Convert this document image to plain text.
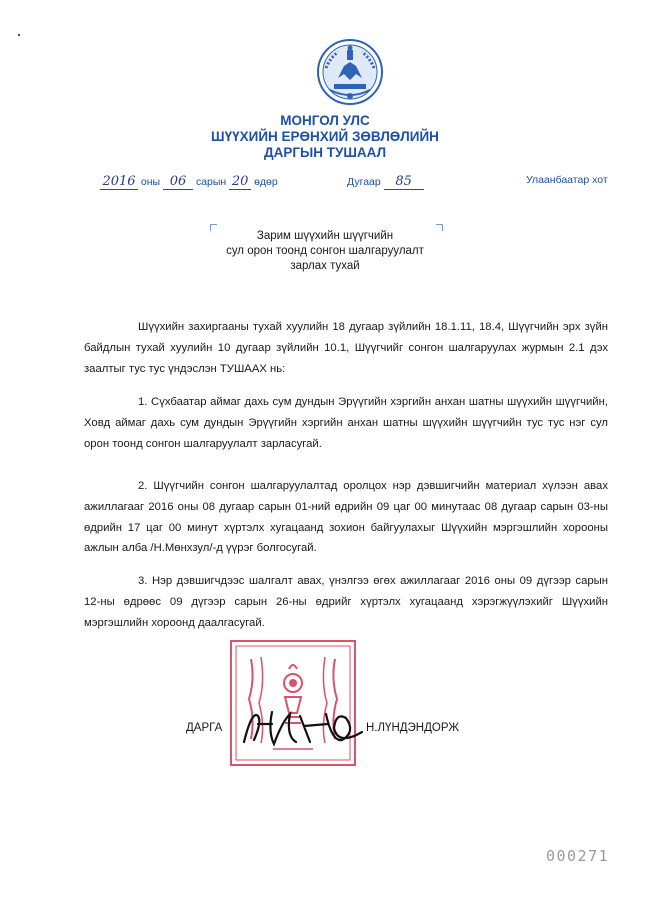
МОНГОЛ УЛС
ШҮҮХИЙН ЕРӨНХИЙ ЗӨВЛӨЛИЙН
ДАРГЫН ТУШААЛ
2016 оны 06 сарын 20 өдөр	Дугаар 85	Улаанбаатар хот
Зарим шүүхийн шүүгчийн
сул орон тоонд сонгон шалгаруулалт
зарлах тухай
Шүүхийн захиргааны тухай хуулийн 18 дугаар зүйлийн 18.1.11, 18.4, Шүүгчийн эрх зүйн байдлын тухай хуулийн 10 дугаар зүйлийн 10.1, Шүүгчийг сонгон шалгаруулах журмын 2.1 дэх заалтыг тус тус үндэслэн ТУШААХ нь:
1. Сүхбаатар аймаг дахь сум дундын Эрүүгийн хэргийн анхан шатны шүүхийн шүүгчийн, Ховд аймаг дахь сум дундын Эрүүгийн хэргийн анхан шатны шүүхийн шүүгчийн тус тус нэг сул орон тоонд сонгон шалгаруулалт зарласугай.
2. Шүүгчийн сонгон шалгаруулалтад оролцох нэр дэвшигчийн материал хүлээн авах ажиллагааг 2016 оны 08 дугаар сарын 01-ний өдрийн 09 цаг 00 минутаас 08 дугаар сарын 03-ны өдрийн 17 цаг 00 минут хүртэлх хугацаанд зохион байгуулахыг Шүүхийн мэргэшлийн хорооны ажлын алба /Н.Мөнхзул/-д үүрэг болгосугай.
3. Нэр дэвшигчдээс шалгалт авах, үнэлгээ өгөх ажиллагааг 2016 оны 09 дүгээр сарын 12-ны өдрөөс 09 дүгээр сарын 26-ны өдрийг хүртэлх хугацаанд хэрэгжүүлэхийг Шүүхийн мэргэшлийн хороонд даалгасугай.
ДАРГА	Н.ЛҮНДЭНДОРЖ
000271
